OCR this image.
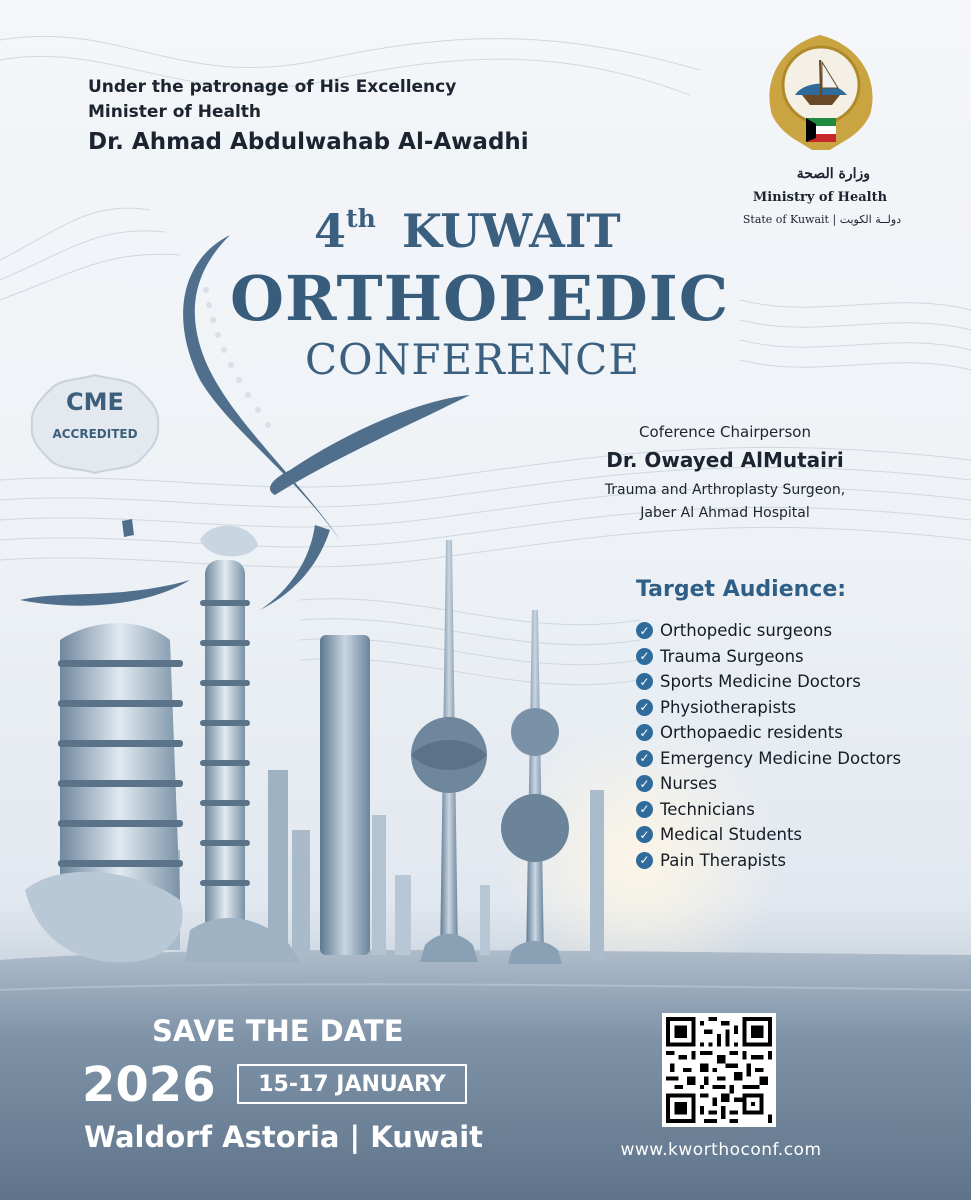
Under the patronage of His Excellency
Minister of Health
Dr. Ahmad Abdulwahab Al-Awadhi
وزارة الصحة
Ministry of Health
State of Kuwait | دولــة الكويت
4th KUWAIT
ORTHOPEDIC
CONFERENCE
CME
ACCREDITED	Coference Chairperson
Dr. Owayed AlMutairi
Trauma and Arthroplasty Surgeon,
Jaber Al Ahmad Hospital
Target Audience:
✓ Orthopedic surgeons
✓ Trauma Surgeons
✓ Sports Medicine Doctors
✓ Physiotherapists
✓ Orthopaedic residents
✓ Emergency Medicine Doctors
✓ Nurses
✓ Technicians
✓ Medical Students
✓ Pain Therapists
SAVE THE DATE
2026	15-17 JANUARY
Waldorf Astoria | Kuwait	www.kworthoconf.com
